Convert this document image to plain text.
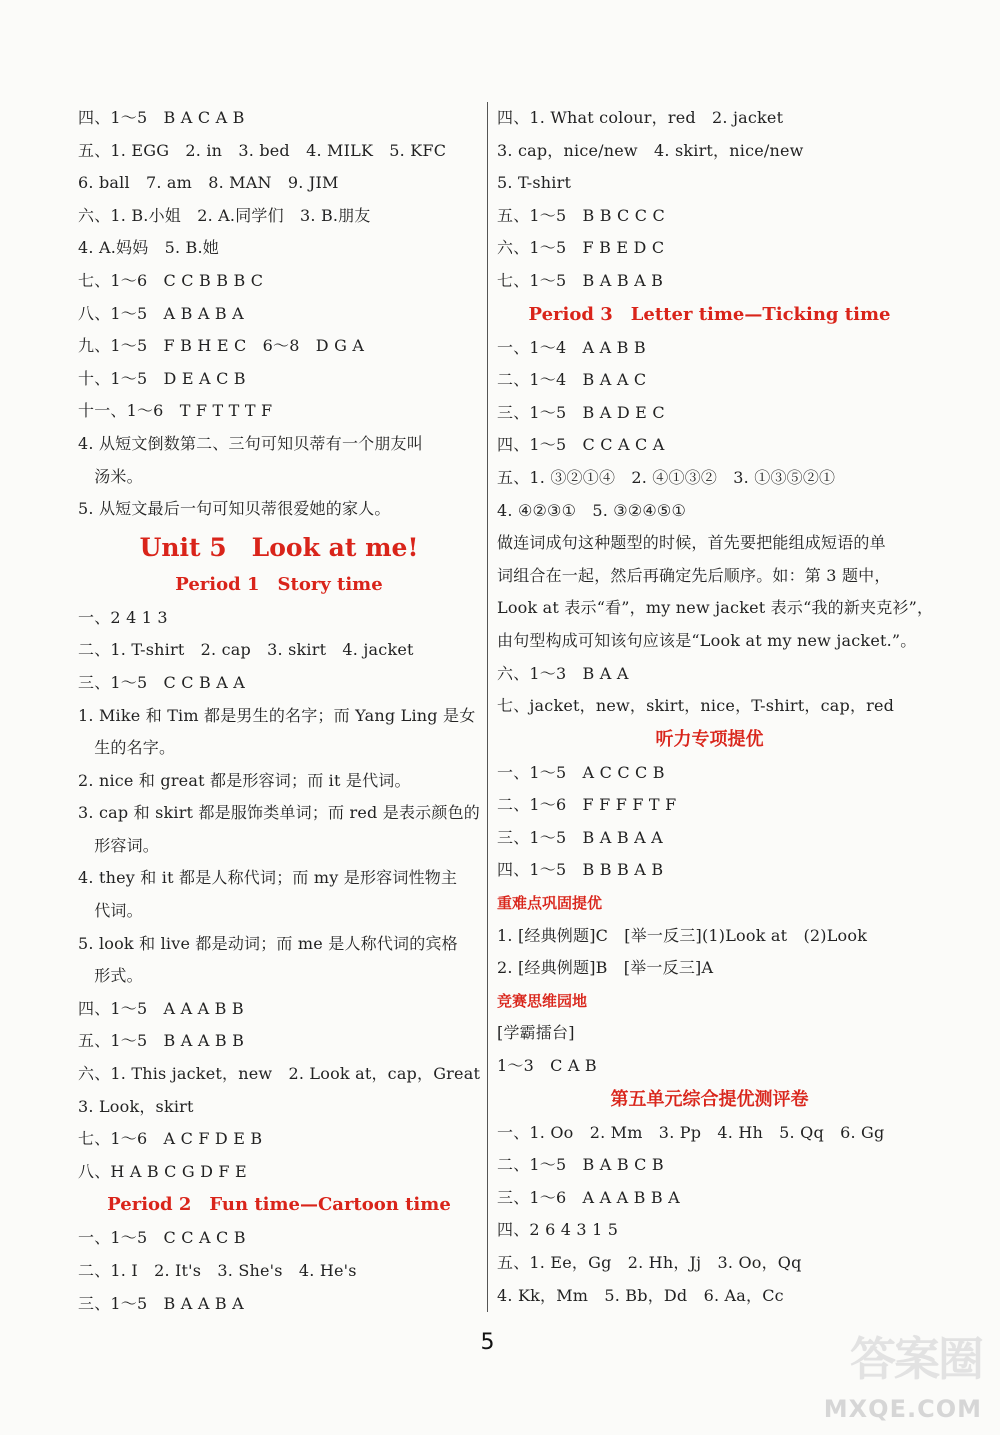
四、1～5　B A C A B
五、1. EGG　2. in　3. bed　4. MILK　5. KFC
6. ball　7. am　8. MAN　9. JIM
六、1. B.小姐　2. A.同学们　3. B.朋友
4. A.妈妈　5. B.她
七、1～6　C C B B B C
八、1～5　A B A B A
九、1～5　F B H E C　6～8　D G A
十、1～5　D E A C B
十一、1～6　T F T T T F
4. 从短文倒数第二、三句可知贝蒂有一个朋友叫
　汤米。
5. 从短文最后一句可知贝蒂很爱她的家人。
Unit 5　Look at me!
Period 1　Story time
一、2 4 1 3
二、1. T-shirt　2. cap　3. skirt　4. jacket
三、1～5　C C B A A
1. Mike 和 Tim 都是男生的名字；而 Yang Ling 是女
　生的名字。
2. nice 和 great 都是形容词；而 it 是代词。
3. cap 和 skirt 都是服饰类单词；而 red 是表示颜色的
　形容词。
4. they 和 it 都是人称代词；而 my 是形容词性物主
　代词。
5. look 和 live 都是动词；而 me 是人称代词的宾格
　形式。
四、1～5　A A A B B
五、1～5　B A A B B
六、1. This jacket，new　2. Look at，cap，Great
3. Look，skirt
七、1～6　A C F D E B
八、H A B C G D F E
Period 2　Fun time—Cartoon time
一、1～5　C C A C B
二、1. I　2. It's　3. She's　4. He's
三、1～5　B A A B A
四、1. What colour，red　2. jacket
3. cap，nice/new　4. skirt，nice/new
5. T-shirt
五、1～5　B B C C C
六、1～5　F B E D C
七、1～5　B A B A B
Period 3　Letter time—Ticking time
一、1～4　A A B B
二、1～4　B A A C
三、1～5　B A D E C
四、1～5　C C A C A
五、1. ③②①④　2. ④①③②　3. ①③⑤②①
4. ④②③①　5. ③②④⑤①
做连词成句这种题型的时候，首先要把能组成短语的单
词组合在一起，然后再确定先后顺序。如：第 3 题中，
Look at 表示“看”，my new jacket 表示“我的新夹克衫”，
由句型构成可知该句应该是“Look at my new jacket.”。
六、1～3　B A A
七、jacket，new，skirt，nice，T-shirt，cap，red
听力专项提优
一、1～5　A C C C B
二、1～6　F F F F T F
三、1～5　B A B A A
四、1～5　B B B A B
重难点巩固提优
1. [经典例题]C　[举一反三](1)Look at　(2)Look
2. [经典例题]B　[举一反三]A
竞赛思维园地
[学霸擂台]
1～3　C A B
第五单元综合提优测评卷
一、1. Oo　2. Mm　3. Pp　4. Hh　5. Qq　6. Gg
二、1～5　B A B C B
三、1～6　A A A B B A
四、2 6 4 3 1 5
五、1. Ee，Gg　2. Hh，Jj　3. Oo，Qq
4. Kk，Mm　5. Bb，Dd　6. Aa，Cc
5	答案圈
MXQE.COM
